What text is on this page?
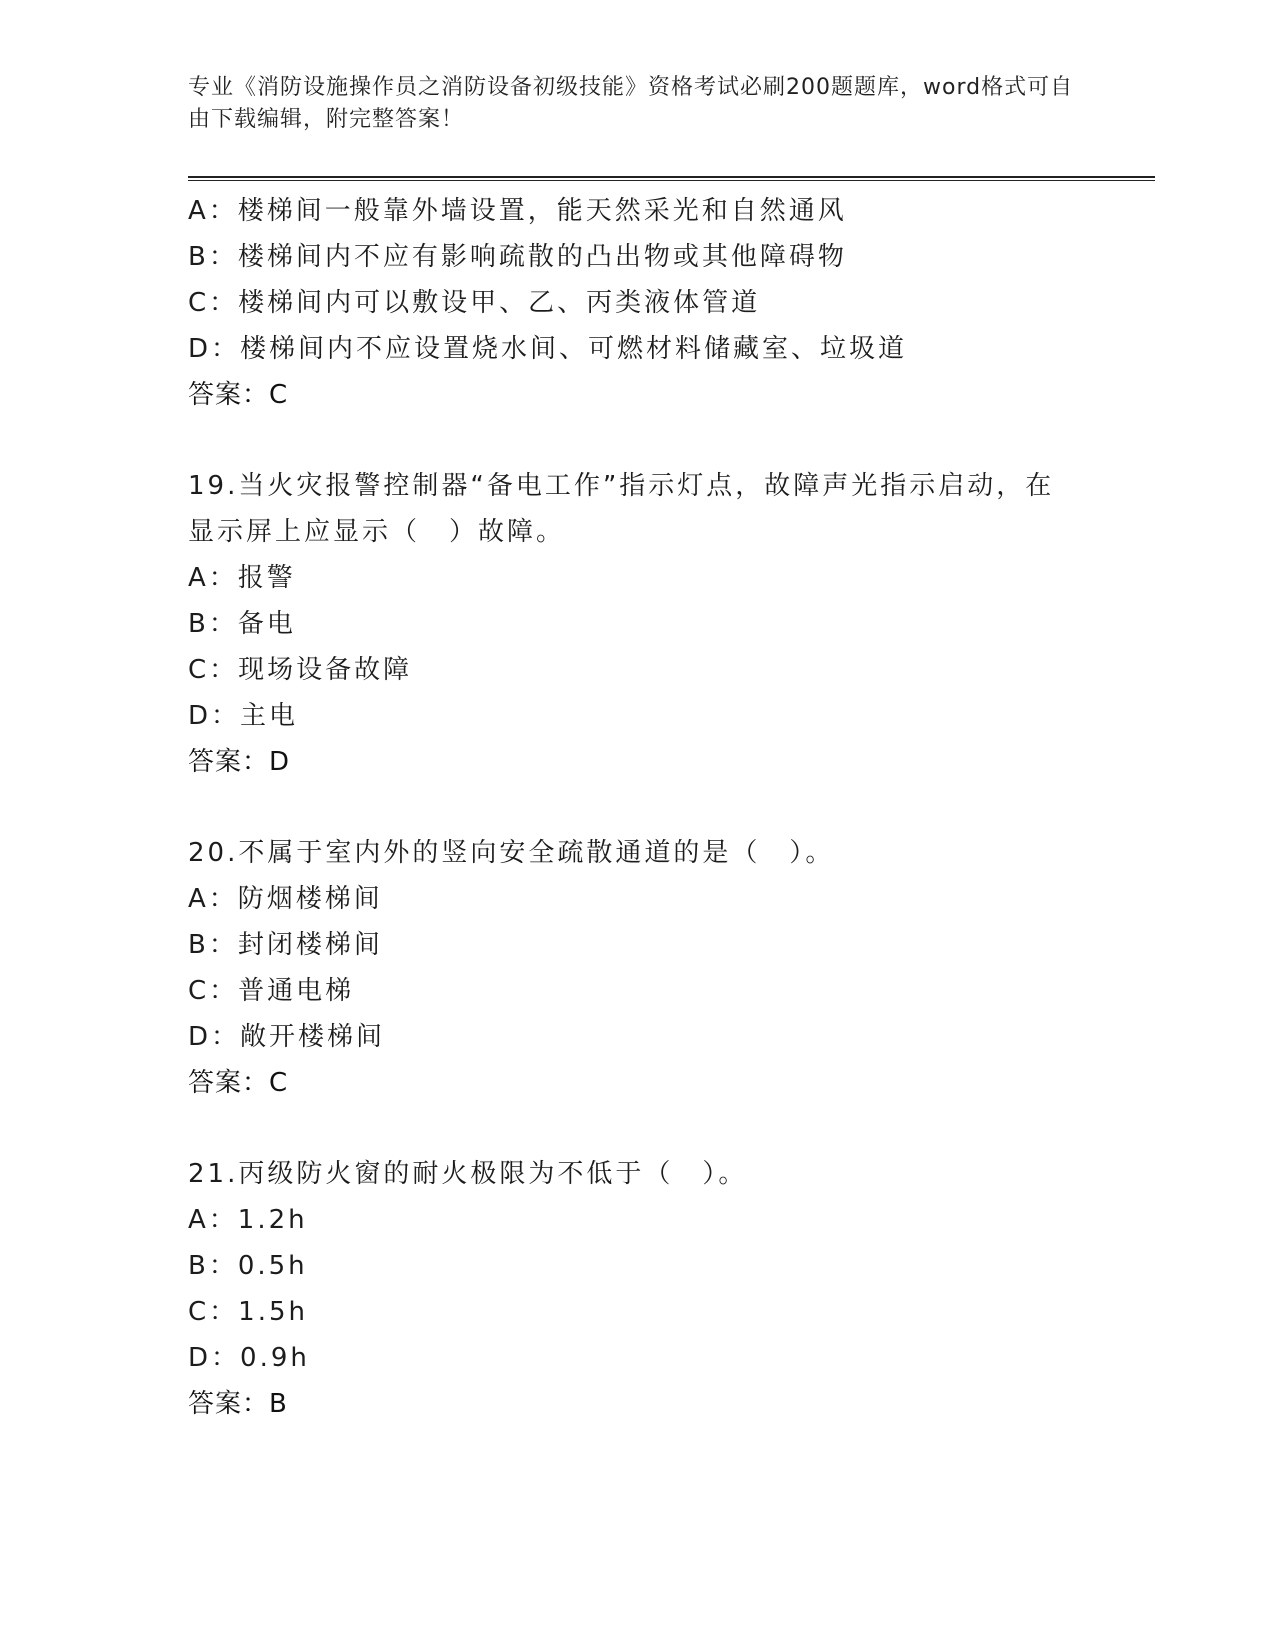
专业《消防设施操作员之消防设备初级技能》资格考试必刷200题题库，word格式可自由下载编辑，附完整答案！
A：楼梯间一般靠外墙设置，能天然采光和自然通风
B：楼梯间内不应有影响疏散的凸出物或其他障碍物
C：楼梯间内可以敷设甲、乙、丙类液体管道
D：楼梯间内不应设置烧水间、可燃材料储藏室、垃圾道
答案：C
19.当火灾报警控制器“备电工作”指示灯点，故障声光指示启动，在显示屏上应显示（　）故障。
A：报警
B：备电
C：现场设备故障
D：主电
答案：D
20.不属于室内外的竖向安全疏散通道的是（　）。
A：防烟楼梯间
B：封闭楼梯间
C：普通电梯
D：敞开楼梯间
答案：C
21.丙级防火窗的耐火极限为不低于（　）。
A：1.2h
B：0.5h
C：1.5h
D：0.9h
答案：B
